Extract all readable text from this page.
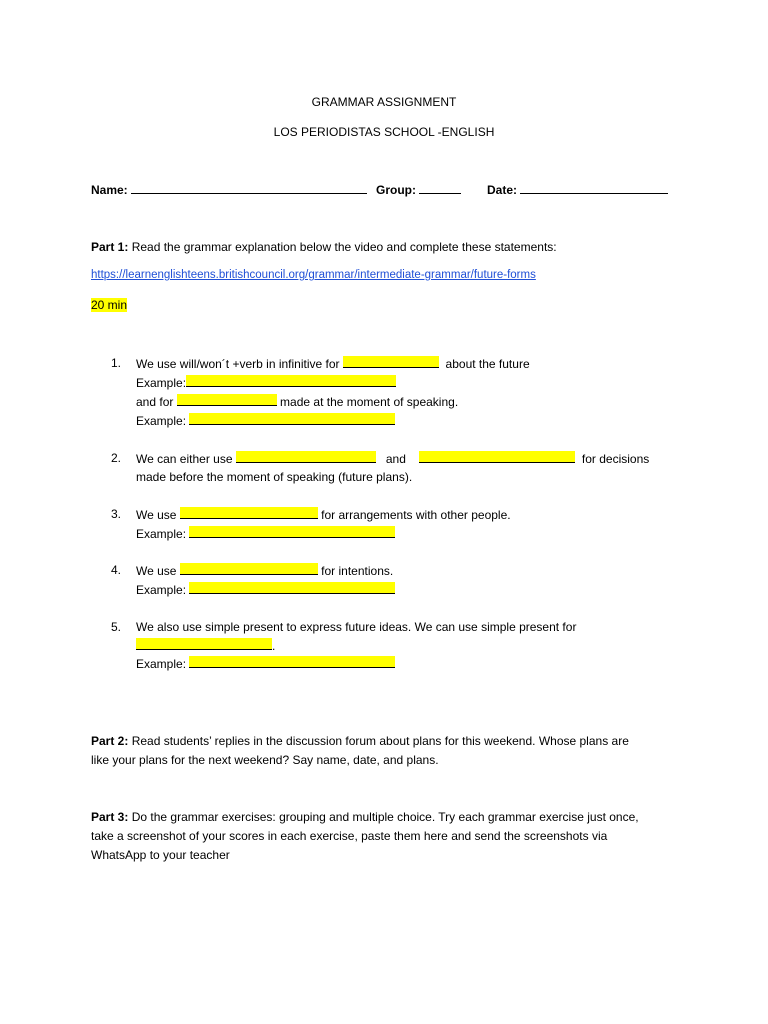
GRAMMAR ASSIGNMENT
LOS PERIODISTAS SCHOOL -ENGLISH
Name:	Group:	Date:
Part 1: Read the grammar explanation below the video and complete these statements:
https://learnenglishteens.britishcouncil.org/grammar/intermediate-grammar/future-forms
20 min
1. We use will/won´t +verb in infinitive for	about the future
Example:
and for	made at the moment of speaking.
Example:
2. We can either use	and	for decisions
made before the moment of speaking (future plans).
3. We use	for arrangements with other people.
Example:
4. We use	for intentions.
Example:
5. We also use simple present to express future ideas. We can use simple present for
.
Example:
Part 2: Read students’ replies in the discussion forum about plans for this weekend. Whose plans are
like your plans for the next weekend? Say name, date, and plans.
Part 3: Do the grammar exercises: grouping and multiple choice. Try each grammar exercise just once,
take a screenshot of your scores in each exercise, paste them here and send the screenshots via
WhatsApp to your teacher
